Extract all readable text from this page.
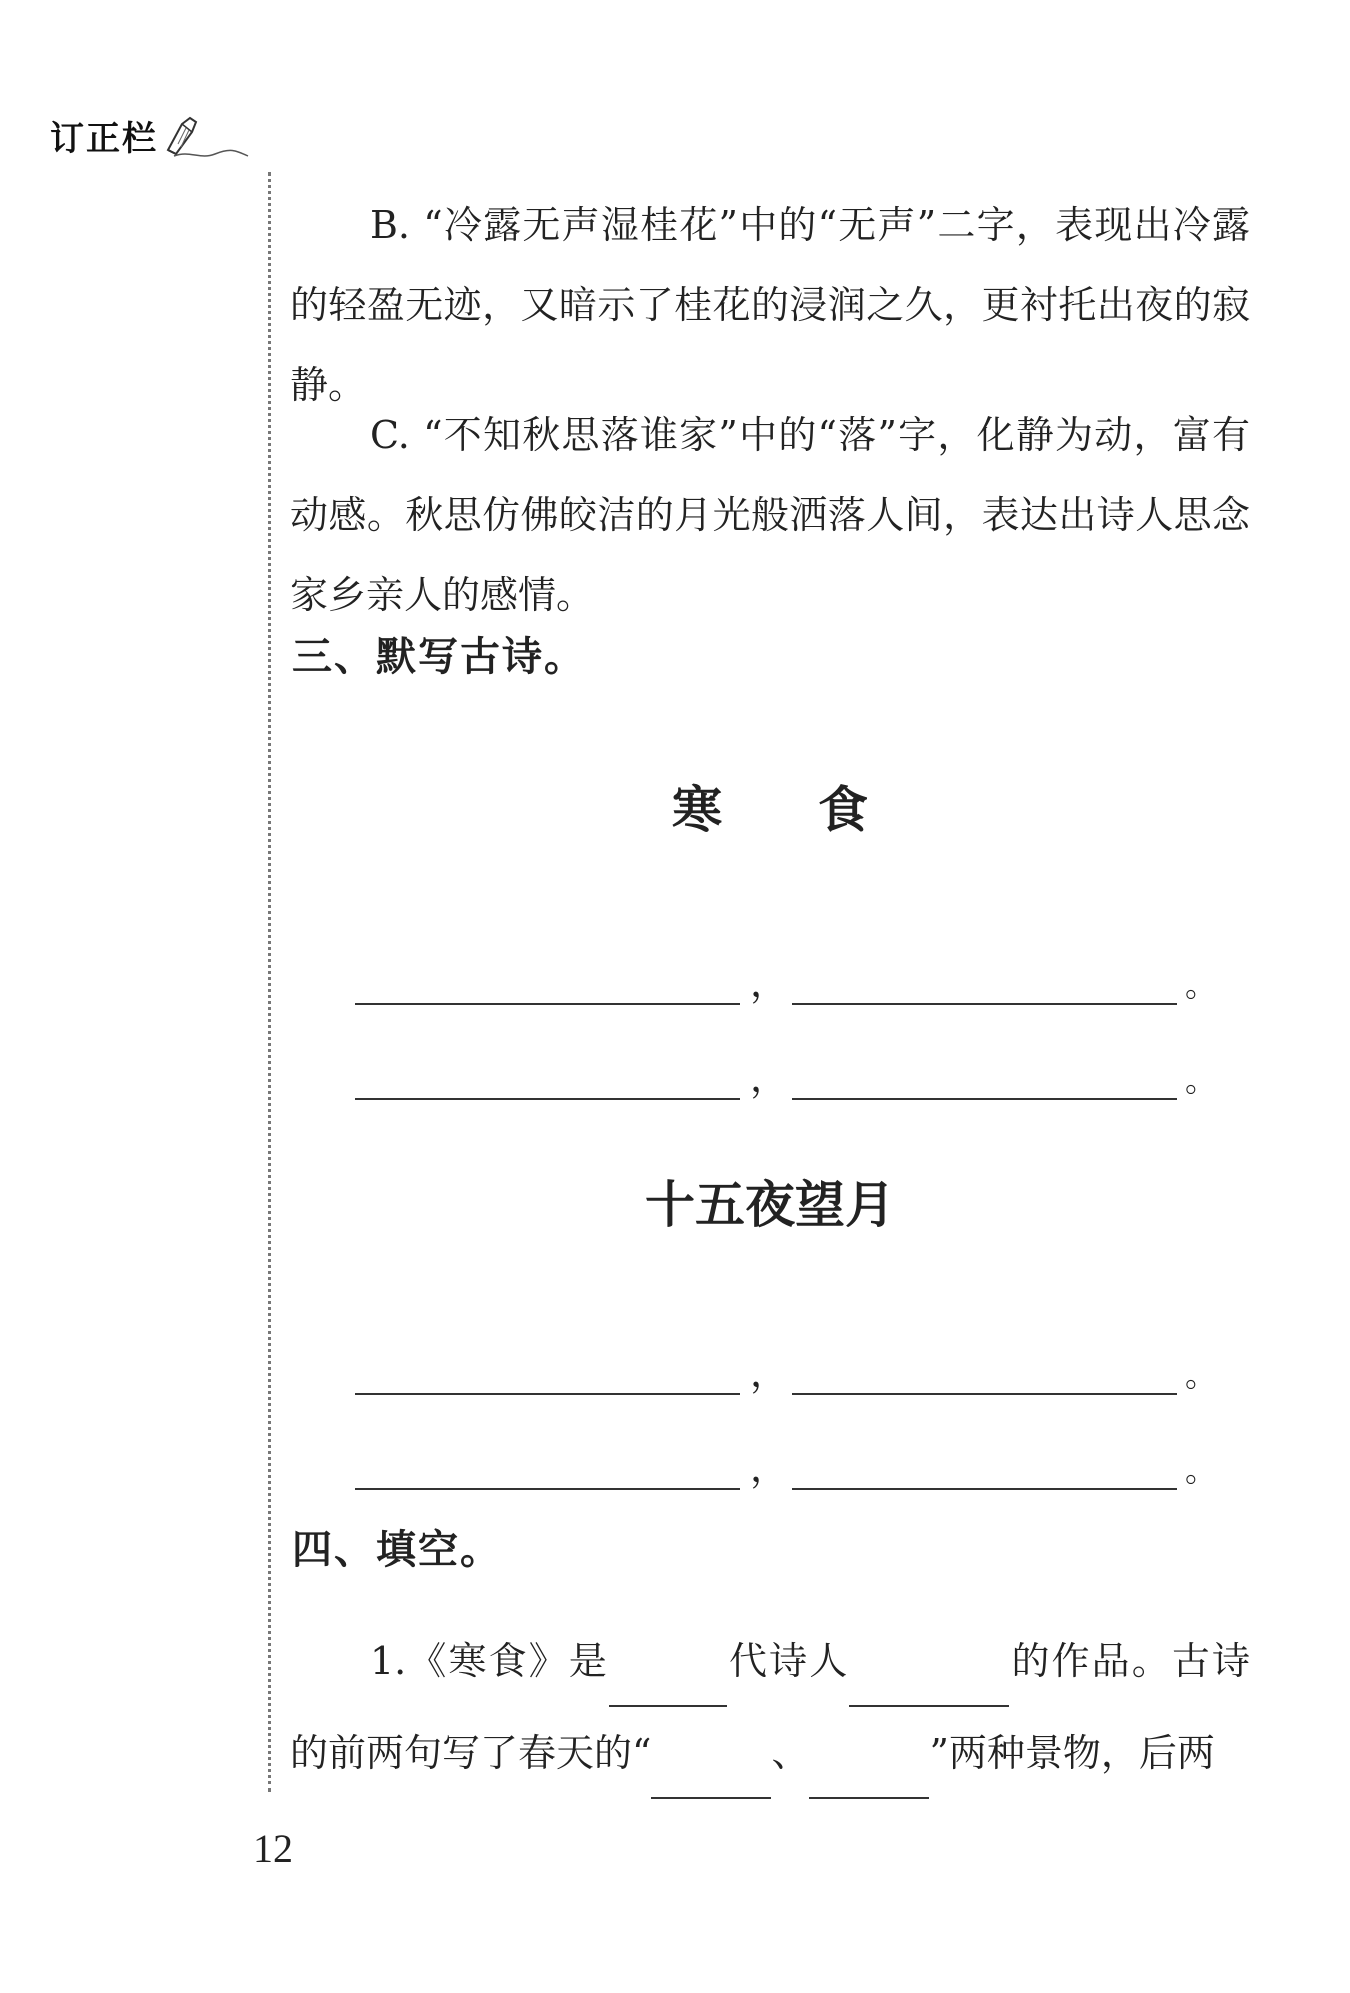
订正栏

B. “冷露无声湿桂花”中的“无声”二字，表现出冷露的轻盈无迹，又暗示了桂花的浸润之久，更衬托出夜的寂静。

C. “不知秋思落谁家”中的“落”字，化静为动，富有动感。秋思仿佛皎洁的月光般洒落人间，表达出诗人思念家乡亲人的感情。

三、默写古诗。
寒食
，	。
，	。
十五夜望月
，	。
，	。
四、填空。

1.《寒食》是	代诗人	的作品。古诗的前两句写了春天的“	、	”两种景物，后两

12
